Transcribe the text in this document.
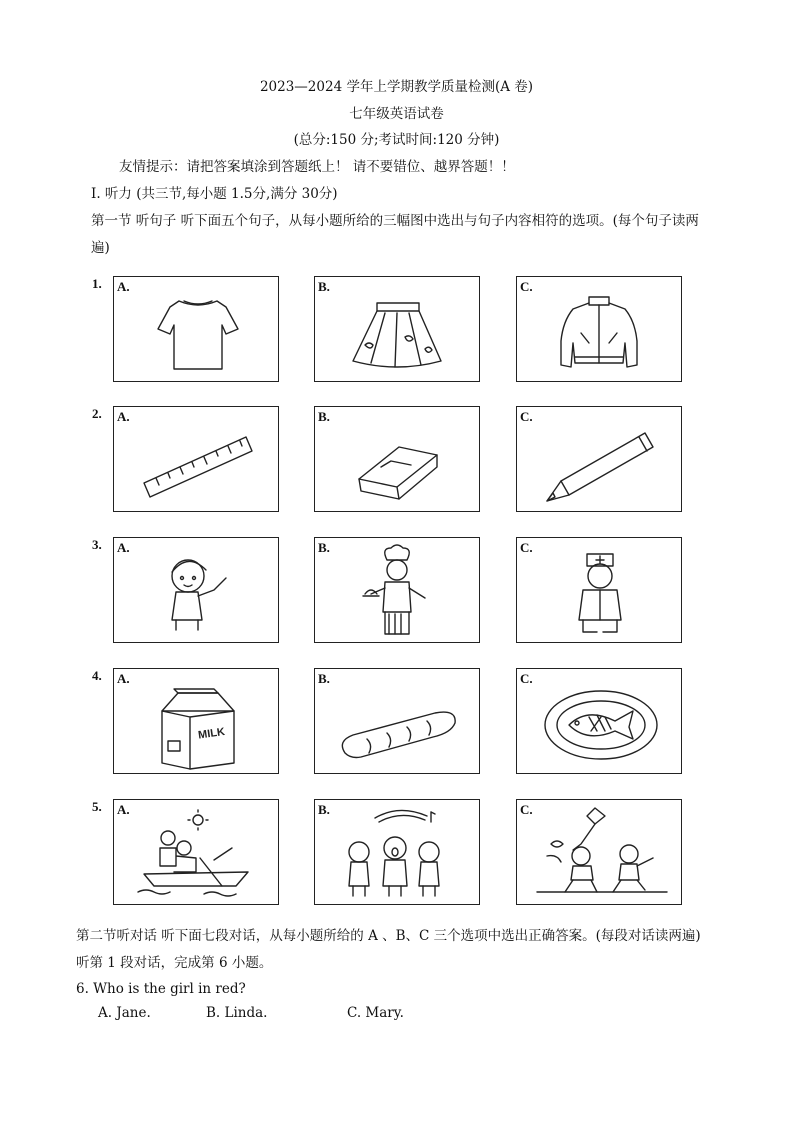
2023—2024 学年上学期教学质量检测(A 卷)
七年级英语试卷
(总分:150 分;考试时间:120 分钟)
友情提示：请把答案填涂到答题纸上！ 请不要错位、越界答题！！
Ⅰ. 听力 (共三节,每小题 1.5分,满分 30分)
第一节 听句子 听下面五个句子，从每小题所给的三幅图中选出与句子内容相符的选项。(每个句子读两
遍)
1. A.	B.	C.
2. A.	B.	C.
3. A.	B.	C.
4. A.
MILK
B.	C.
5. A.	B.	C.
第二节听对话 听下面七段对话，从每小题所给的 A 、B、C 三个选项中选出正确答案。(每段对话读两遍)
听第 1 段对话，完成第 6 小题。
6. Who is the girl in red?
A. Jane.	B. Linda.	C. Mary.
